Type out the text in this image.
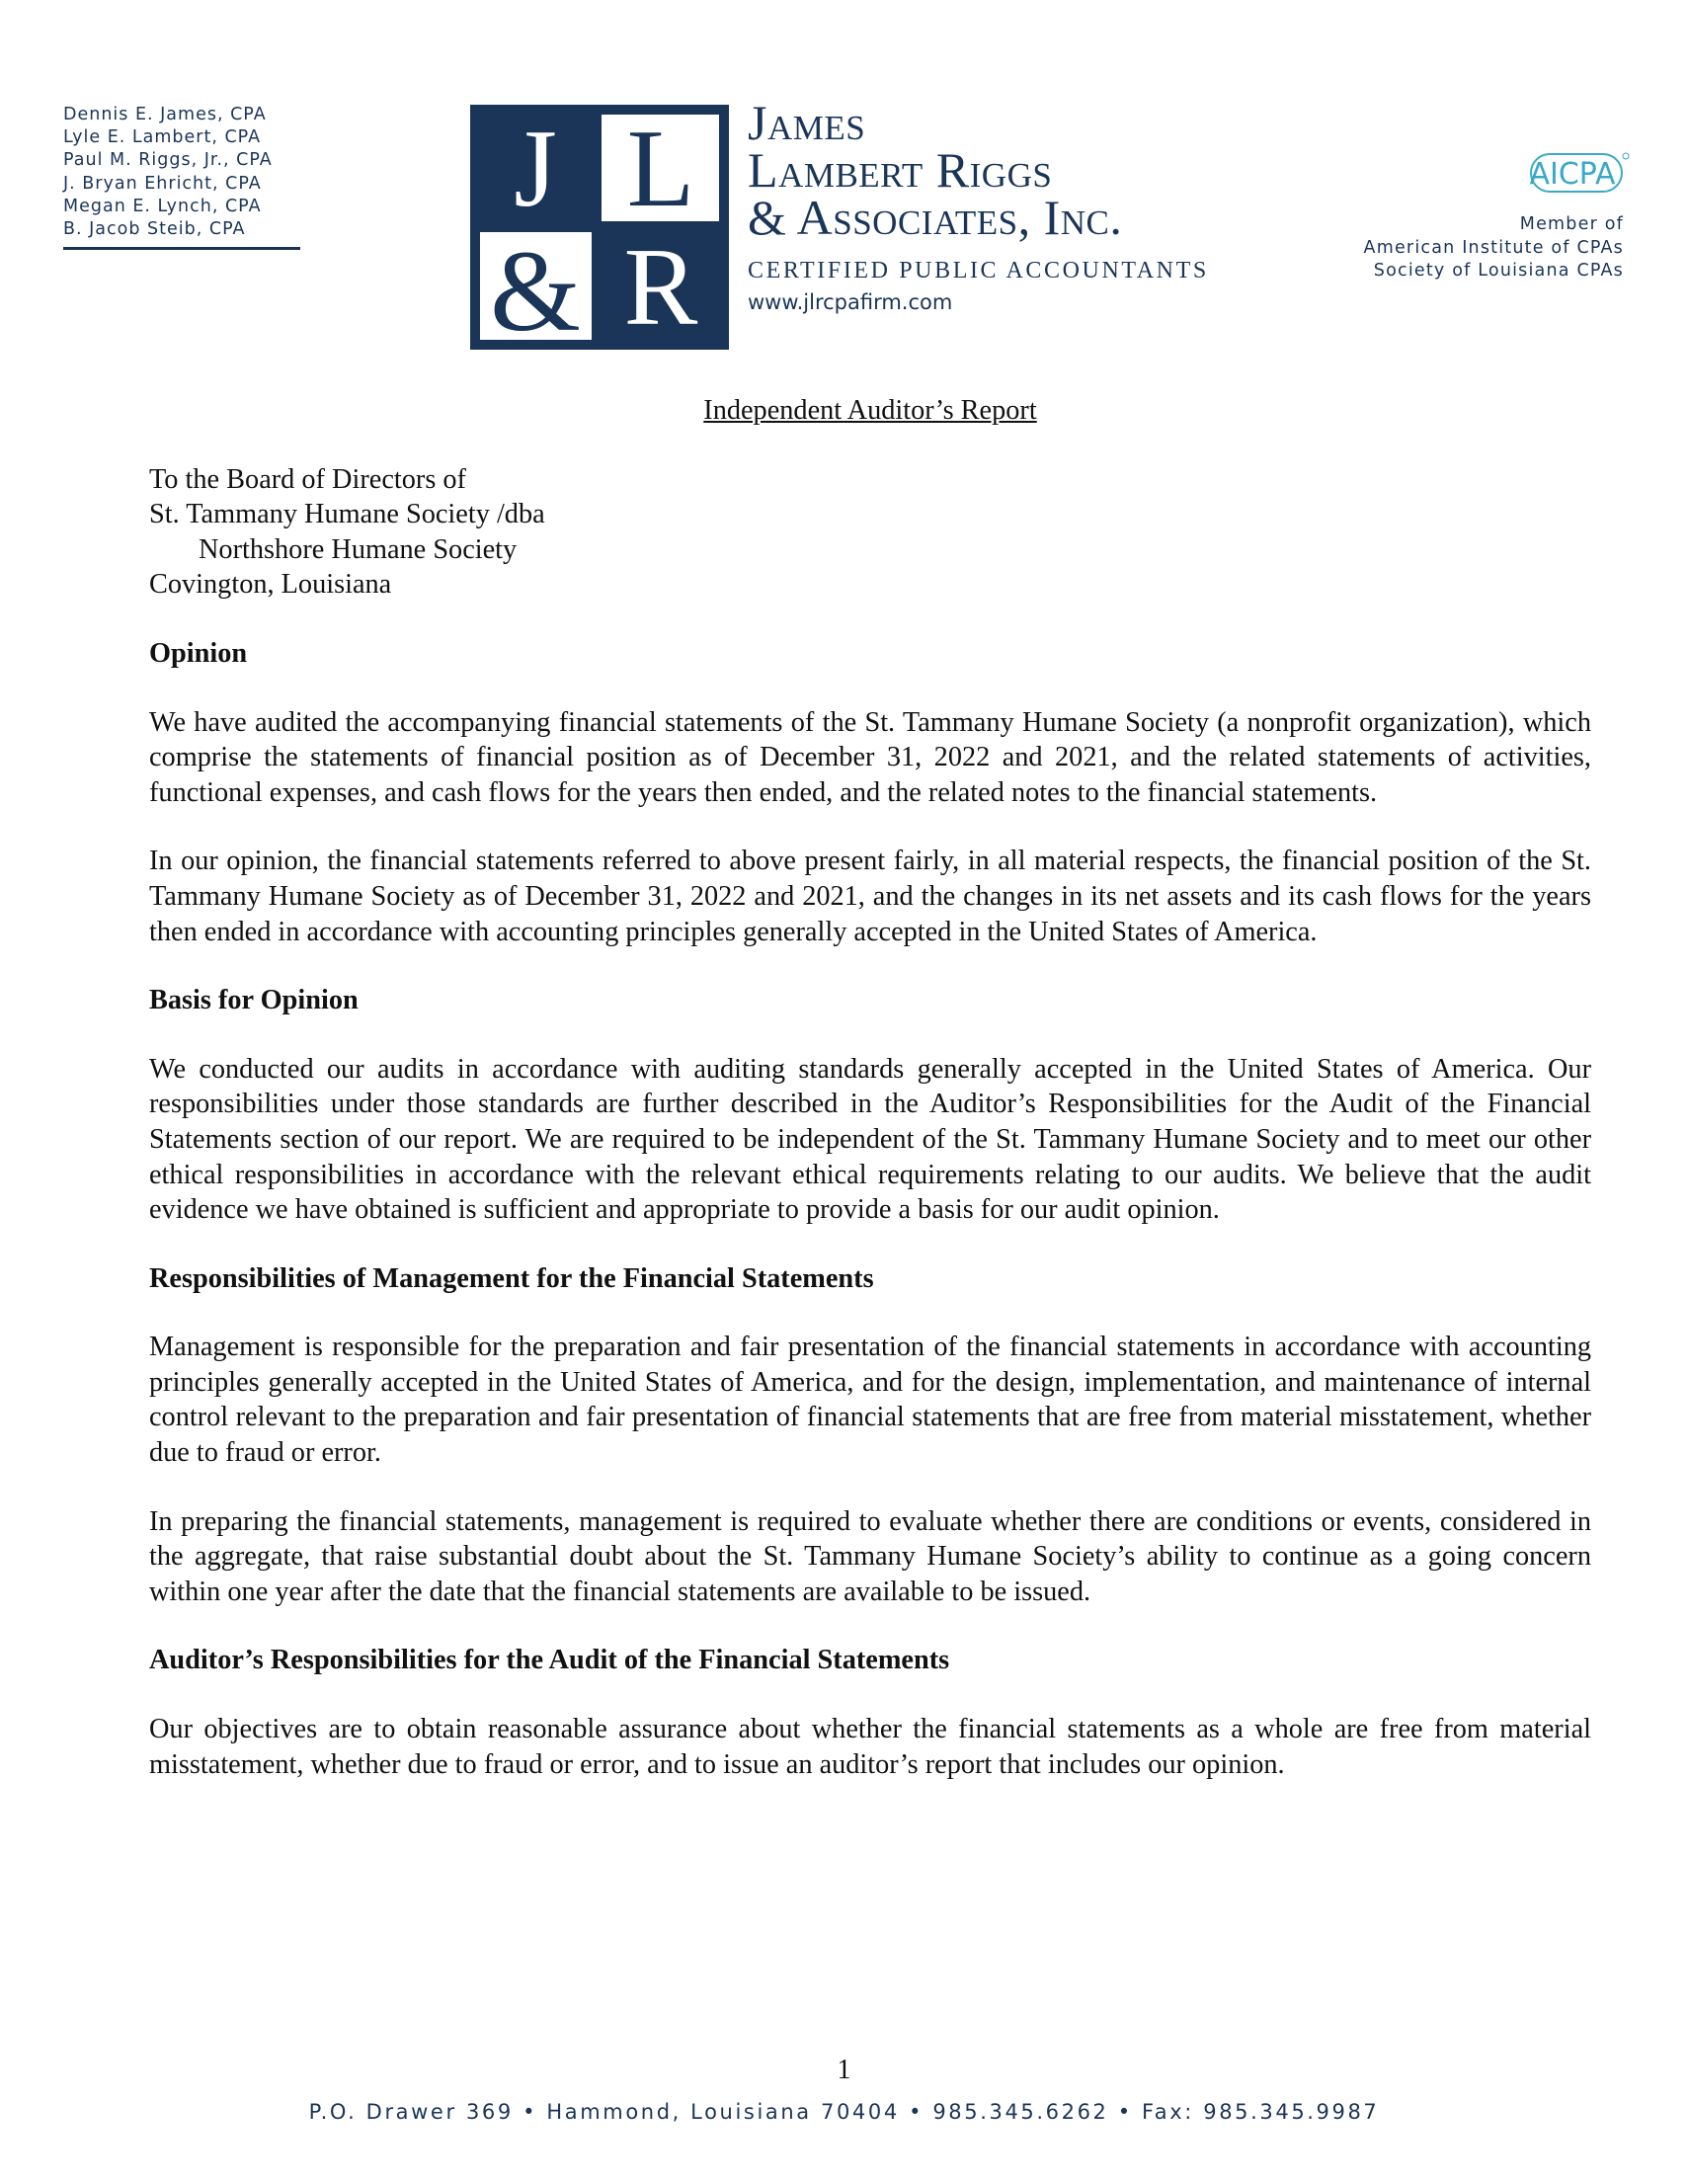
Dennis E. James, CPA
Lyle E. Lambert, CPA
Paul M. Riggs, Jr., CPA
J. Bryan Ehricht, CPA
Megan E. Lynch, CPA
B. Jacob Steib, CPA	J L
& R
James
Lambert Riggs
& Associates, Inc.
CERTIFIED PUBLIC ACCOUNTANTS
www.jlrcpafirm.com
AICPA
Member of
American Institute of CPAs
Society of Louisiana CPAs
Independent Auditor’s Report
To the Board of Directors of
St. Tammany Humane Society /dba
Northshore Humane Society
Covington, Louisiana
Opinion

We have audited the accompanying financial statements of the St. Tammany Humane Society (a nonprofit organization), which comprise the statements of financial position as of December 31, 2022 and 2021, and the related statements of activities, functional expenses, and cash flows for the years then ended, and the related notes to the financial statements.

In our opinion, the financial statements referred to above present fairly, in all material respects, the financial position of the St. Tammany Humane Society as of December 31, 2022 and 2021, and the changes in its net assets and its cash flows for the years then ended in accordance with accounting principles generally accepted in the United States of America.

Basis for Opinion

We conducted our audits in accordance with auditing standards generally accepted in the United States of America. Our responsibilities under those standards are further described in the Auditor’s Responsibilities for the Audit of the Financial Statements section of our report. We are required to be independent of the St. Tammany Humane Society and to meet our other ethical responsibilities in accordance with the relevant ethical requirements relating to our audits. We believe that the audit evidence we have obtained is sufficient and appropriate to provide a basis for our audit opinion.

Responsibilities of Management for the Financial Statements

Management is responsible for the preparation and fair presentation of the financial statements in accordance with accounting principles generally accepted in the United States of America, and for the design, implementation, and maintenance of internal control relevant to the preparation and fair presentation of financial statements that are free from material misstatement, whether due to fraud or error.

In preparing the financial statements, management is required to evaluate whether there are conditions or events, considered in the aggregate, that raise substantial doubt about the St. Tammany Humane Society’s ability to continue as a going concern within one year after the date that the financial statements are available to be issued.

Auditor’s Responsibilities for the Audit of the Financial Statements

Our objectives are to obtain reasonable assurance about whether the financial statements as a whole are free from material misstatement, whether due to fraud or error, and to issue an auditor’s report that includes our opinion.

1
P.O. Drawer 369 • Hammond, Louisiana 70404 • 985.345.6262 • Fax: 985.345.9987
